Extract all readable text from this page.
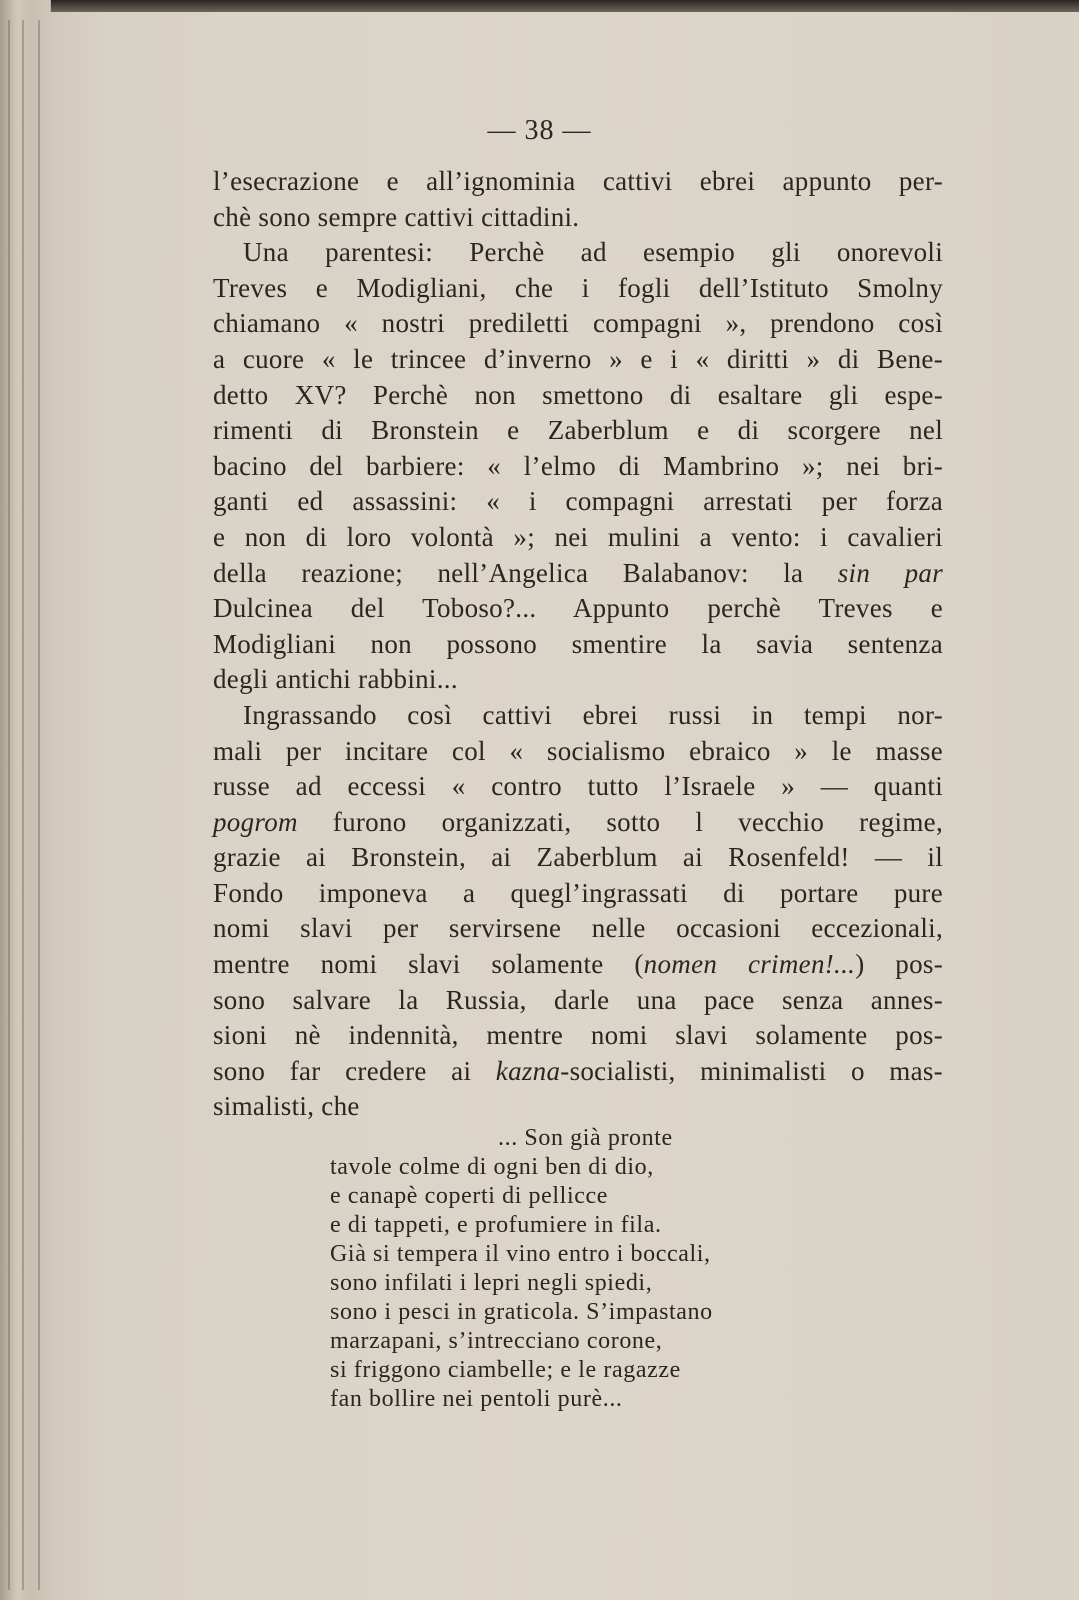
— 38 —
l’esecrazione e all’ignominia cattivi ebrei appunto per-
chè sono sempre cattivi cittadini.
Una parentesi: Perchè ad esempio gli onorevoli
Treves e Modigliani, che i fogli dell’Istituto Smolny
chiamano « nostri prediletti compagni », prendono così
a cuore « le trincee d’inverno » e i « diritti » di Bene-
detto XV? Perchè non smettono di esaltare gli espe-
rimenti di Bronstein e Zaberblum e di scorgere nel
bacino del barbiere: « l’elmo di Mambrino »; nei bri-
ganti ed assassini: « i compagni arrestati per forza
e non di loro volontà »; nei mulini a vento: i cavalieri
della reazione; nell’Angelica Balabanov: la sin par
Dulcinea del Toboso?... Appunto perchè Treves e
Modigliani non possono smentire la savia sentenza
degli antichi rabbini...
Ingrassando così cattivi ebrei russi in tempi nor-
mali per incitare col « socialismo ebraico » le masse
russe ad eccessi « contro tutto l’Israele » — quanti
pogrom furono organizzati, sotto l vecchio regime,
grazie ai Bronstein, ai Zaberblum ai Rosenfeld! — il
Fondo imponeva a quegl’ingrassati di portare pure
nomi slavi per servirsene nelle occasioni eccezionali,
mentre nomi slavi solamente (nomen crimen!...) pos-
sono salvare la Russia, darle una pace senza annes-
sioni nè indennità, mentre nomi slavi solamente pos-
sono far credere ai kazna-socialisti, minimalisti o mas-
simalisti, che
... Son già pronte
tavole colme di ogni ben di dio,
e canapè coperti di pellicce
e di tappeti, e profumiere in fila.
Già si tempera il vino entro i boccali,
sono infilati i lepri negli spiedi,
sono i pesci in graticola. S’impastano
marzapani, s’intrecciano corone,
si friggono ciambelle; e le ragazze
fan bollire nei pentoli purè...
